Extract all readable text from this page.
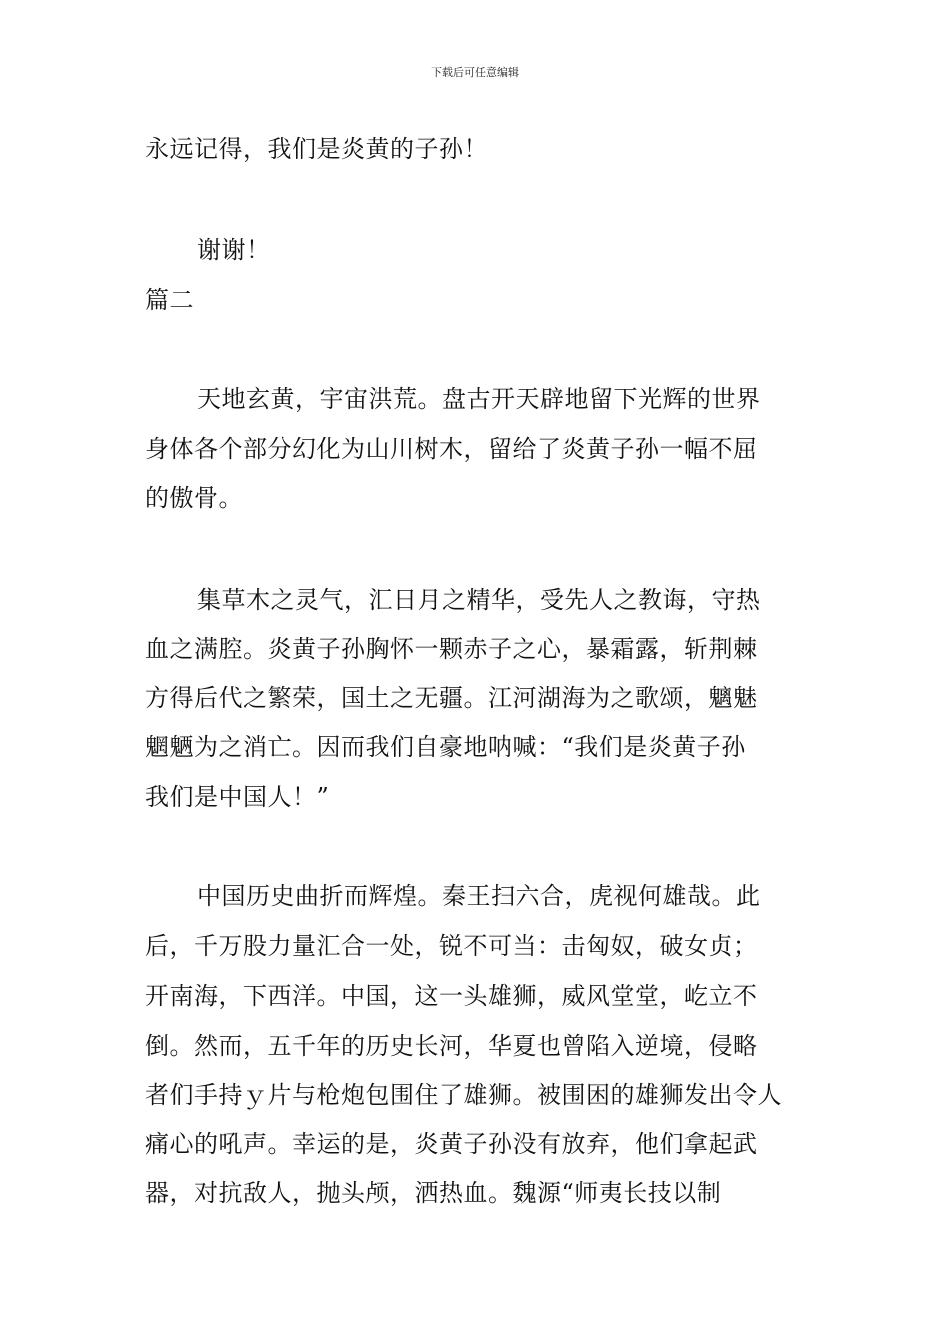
下载后可任意编辑
永远记得，我们是炎黄的子孙！
谢谢！
篇二
天地玄黄，宇宙洪荒。盘古开天辟地留下光辉的世界
身体各个部分幻化为山川树木，留给了炎黄子孙一幅不屈
的傲骨。
集草木之灵气，汇日月之精华，受先人之教诲，守热
血之满腔。炎黄子孙胸怀一颗赤子之心，暴霜露，斩荆棘
方得后代之繁荣，国土之无疆。江河湖海为之歌颂，魑魅
魍魉为之消亡。因而我们自豪地呐喊：“我们是炎黄子孙
我们是中国人！”
中国历史曲折而辉煌。秦王扫六合，虎视何雄哉。此
后，千万股力量汇合一处，锐不可当：击匈奴，破女贞；
开南海，下西洋。中国，这一头雄狮，威风堂堂，屹立不
倒。然而，五千年的历史长河，华夏也曾陷入逆境，侵略
者们手持ｙ片与枪炮包围住了雄狮。被围困的雄狮发出令人
痛心的吼声。幸运的是，炎黄子孙没有放弃，他们拿起武
器，对抗敌人，抛头颅，洒热血。魏源“师夷长技以制
